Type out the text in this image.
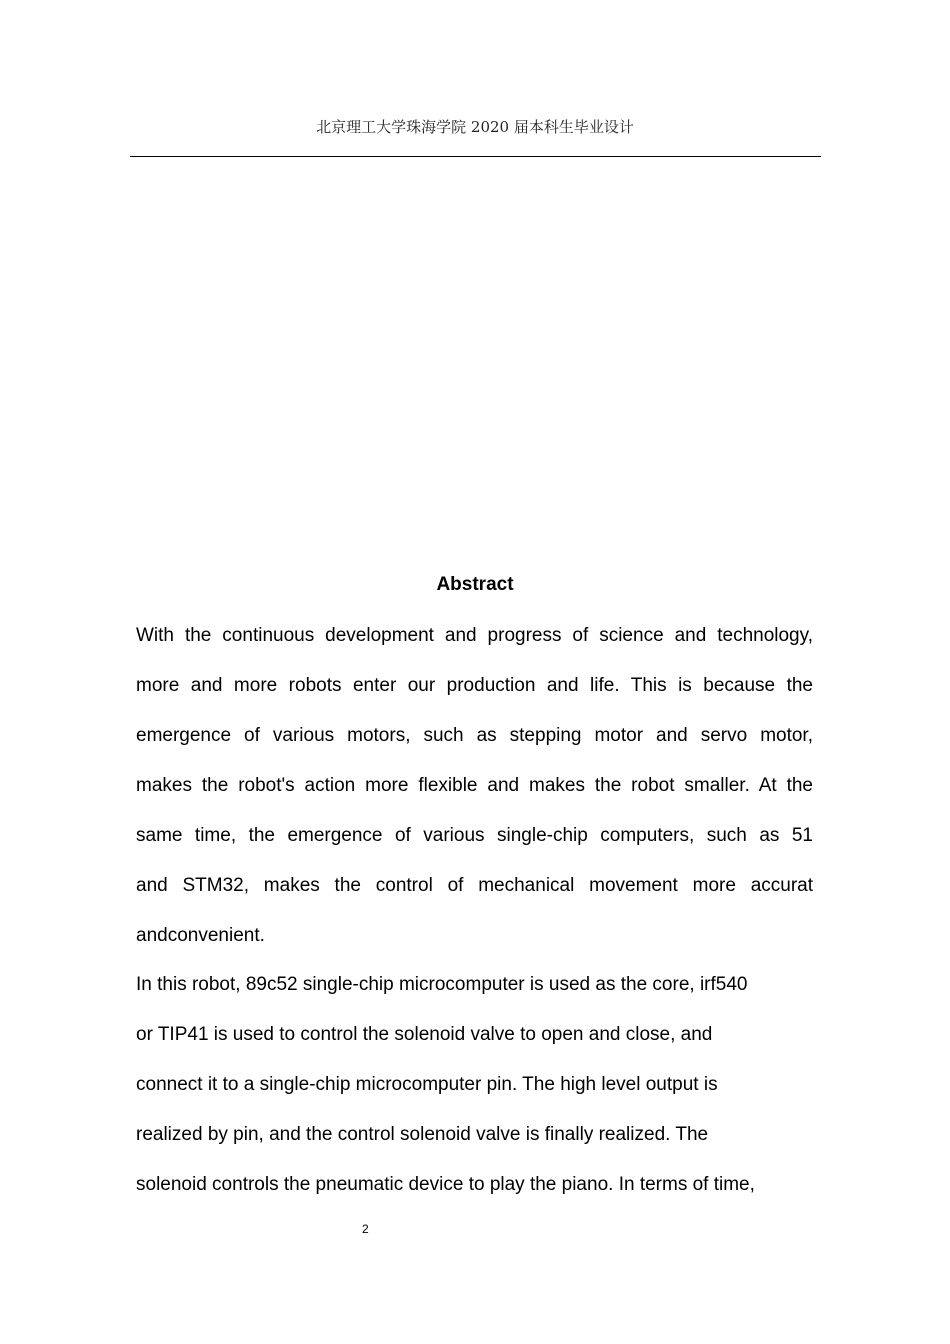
北京理工大学珠海学院 2020 届本科生毕业设计
Abstract
With the continuous development and progress of science and technology,
more and more robots enter our production and life. This is because the
emergence of various motors, such as stepping motor and servo motor,
makes the robot's action more flexible and makes the robot smaller. At the
same time, the emergence of various single-chip computers, such as 51
and STM32, makes the control of mechanical movement more accurat
andconvenient.
In this robot, 89c52 single-chip microcomputer is used as the core, irf540
or TIP41 is used to control the solenoid valve to open and close, and
connect it to a single-chip microcomputer pin. The high level output is
realized by pin, and the control solenoid valve is finally realized. The
solenoid controls the pneumatic device to play the piano. In terms of time,
2
